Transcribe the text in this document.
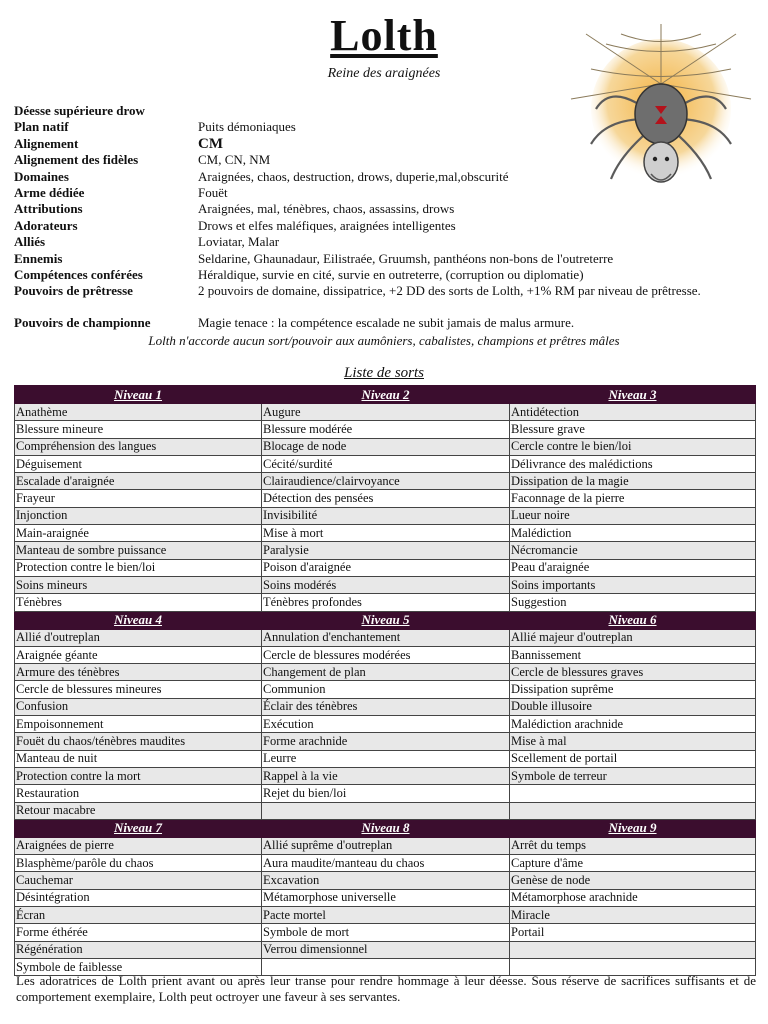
Lolth
Reine des araignées
Déesse supérieure drow
Plan natif	Puits démoniaques
Alignement	CM
Alignement des fidèles	CM, CN, NM
Domaines	Araignées, chaos, destruction, drows, duperie,mal,obscurité
Arme dédiée	Fouët
Attributions	Araignées, mal, ténèbres, chaos, assassins, drows
Adorateurs	Drows et elfes maléfiques, araignées intelligentes
Alliés	Loviatar, Malar
Ennemis	Seldarine, Ghaunadaur, Eilistraée, Gruumsh, panthéons non-bons de l'outreterre
Compétences conférées	Héraldique, survie en cité, survie en outreterre, (corruption ou diplomatie)
Pouvoirs de prêtresse	2 pouvoirs de domaine, dissipatrice, +2 DD des sorts de Lolth, +1% RM par niveau de prêtresse.
Pouvoirs de championne	Magie tenace : la compétence escalade ne subit jamais de malus armure.
Lolth n'accorde aucun sort/pouvoir aux aumôniers, cabalistes, champions et prêtres mâles
Liste de sorts
Niveau 1	Niveau 2	Niveau 3
Anathème	Augure	Antidétection
Blessure mineure	Blessure modérée	Blessure grave
Compréhension des langues	Blocage de node	Cercle contre le bien/loi
Déguisement	Cécité/surdité	Délivrance des malédictions
Escalade d'araignée	Clairaudience/clairvoyance	Dissipation de la magie
Frayeur	Détection des pensées	Faconnage de la pierre
Injonction	Invisibilité	Lueur noire
Main-araignée	Mise à mort	Malédiction
Manteau de sombre puissance	Paralysie	Nécromancie
Protection contre le bien/loi	Poison d'araignée	Peau d'araignée
Soins mineurs	Soins modérés	Soins importants
Ténèbres	Ténèbres profondes	Suggestion
Niveau 4	Niveau 5	Niveau 6
Allié d'outreplan	Annulation d'enchantement	Allié majeur d'outreplan
Araignée géante	Cercle de blessures modérées	Bannissement
Armure des ténèbres	Changement de plan	Cercle de blessures graves
Cercle de blessures mineures	Communion	Dissipation suprême
Confusion	Éclair des ténèbres	Double illusoire
Empoisonnement	Exécution	Malédiction arachnide
Fouët du chaos/ténèbres maudites	Forme arachnide	Mise à mal
Manteau de nuit	Leurre	Scellement de portail
Protection contre la mort	Rappel à la vie	Symbole de terreur
Restauration	Rejet du bien/loi	
Retour macabre		
Niveau 7	Niveau 8	Niveau 9
Araignées de pierre	Allié suprême d'outreplan	Arrêt du temps
Blasphème/parôle du chaos	Aura maudite/manteau du chaos	Capture d'âme
Cauchemar	Excavation	Genèse de node
Désintégration	Métamorphose universelle	Métamorphose arachnide
Écran	Pacte mortel	Miracle
Forme éthérée	Symbole de mort	Portail
Régénération	Verrou dimensionnel	
Symbole de faiblesse		
Les adoratrices de Lolth prient avant ou après leur transe pour rendre hommage à leur déesse. Sous réserve de sacrifices suffisants et de comportement exemplaire, Lolth peut octroyer une faveur à ses servantes.
